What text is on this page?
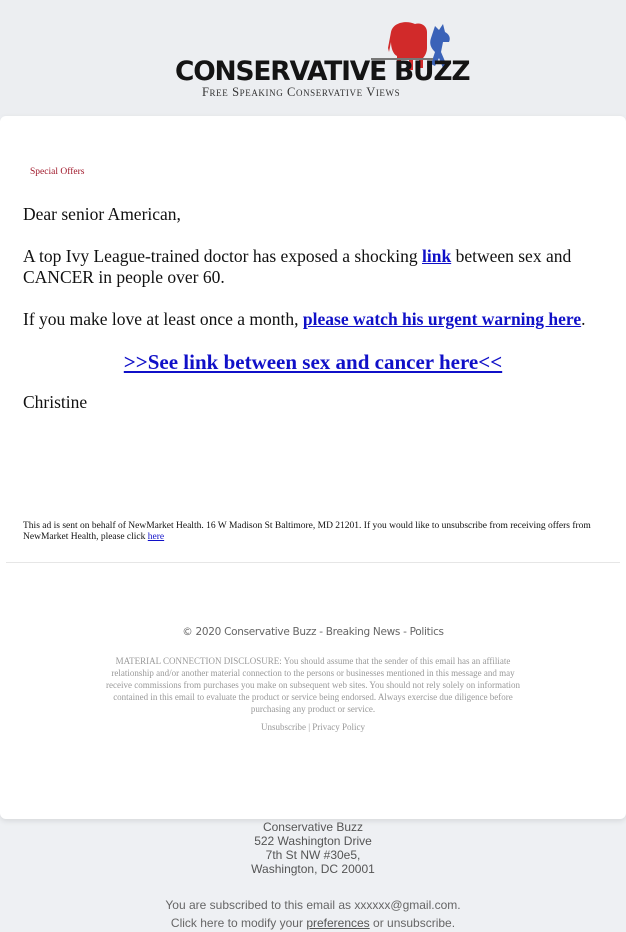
CONSERVATIVE BUZZ
Free Speaking Conservative Views
Special Offers
Dear senior American,
A top Ivy League-trained doctor has exposed a shocking link between sex and CANCER in people over 60.
If you make love at least once a month, please watch his urgent warning here.
>>See link between sex and cancer here<<
Christine
This ad is sent on behalf of NewMarket Health. 16 W Madison St Baltimore, MD 21201. If you would like to unsubscribe from receiving offers from NewMarket Health, please click here
© 2020 Conservative Buzz - Breaking News - Politics
MATERIAL CONNECTION DISCLOSURE: You should assume that the sender of this email has an affiliate relationship and/or another material connection to the persons or businesses mentioned in this message and may receive commissions from purchases you make on subsequent web sites. You should not rely solely on information contained in this email to evaluate the product or service being endorsed. Always exercise due diligence before purchasing any product or service.
Unsubscribe | Privacy Policy
Conservative Buzz
522 Washington Drive
7th St NW #30e5,
Washington, DC 20001
You are subscribed to this email as xxxxxx@gmail.com.
Click here to modify your preferences or unsubscribe.
